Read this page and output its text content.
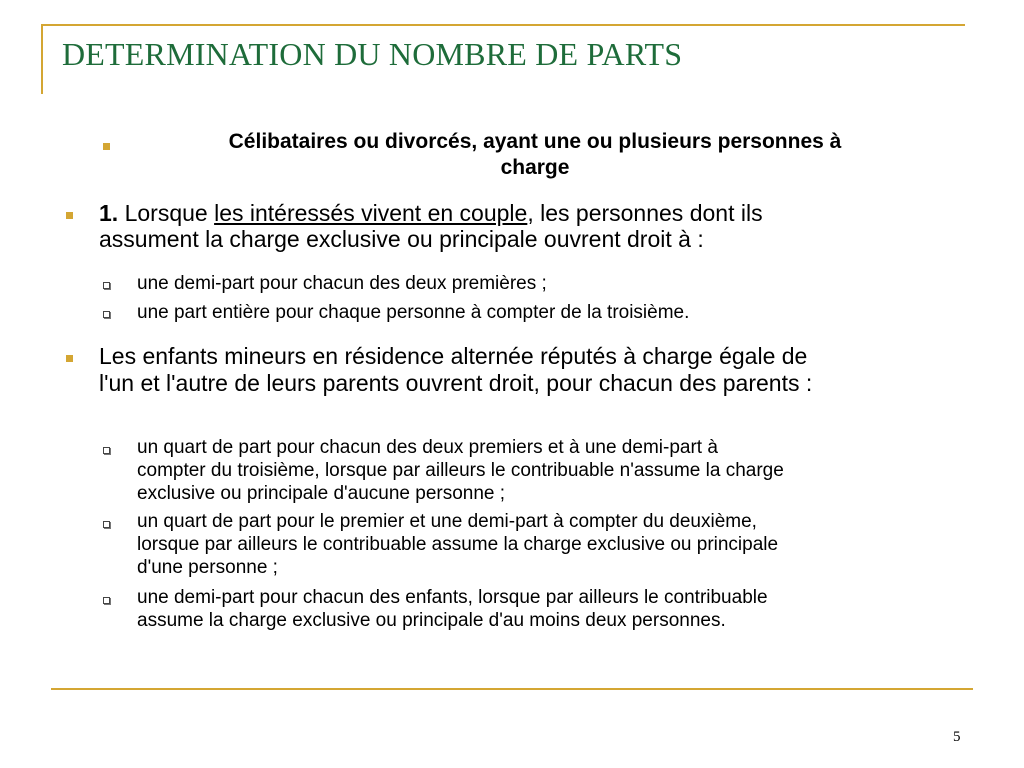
DETERMINATION DU NOMBRE DE PARTS
Célibataires ou divorcés, ayant une ou plusieurs personnes à
charge
1. Lorsque les intéressés vivent en couple, les personnes dont ils
assument la charge exclusive ou principale ouvrent droit à :
une demi-part pour chacun des deux premières ;
une part entière pour chaque personne à compter de la troisième.
Les enfants mineurs en résidence alternée réputés à charge égale de
l'un et l'autre de leurs parents ouvrent droit, pour chacun des parents :
un quart de part pour chacun des deux premiers et à une demi-part à
compter du troisième, lorsque par ailleurs le contribuable n'assume la charge
exclusive ou principale d'aucune personne ;
un quart de part pour le premier et une demi-part à compter du deuxième,
lorsque par ailleurs le contribuable assume la charge exclusive ou principale
d'une personne ;
une demi-part pour chacun des enfants, lorsque par ailleurs le contribuable
assume la charge exclusive ou principale d'au moins deux personnes.
5
